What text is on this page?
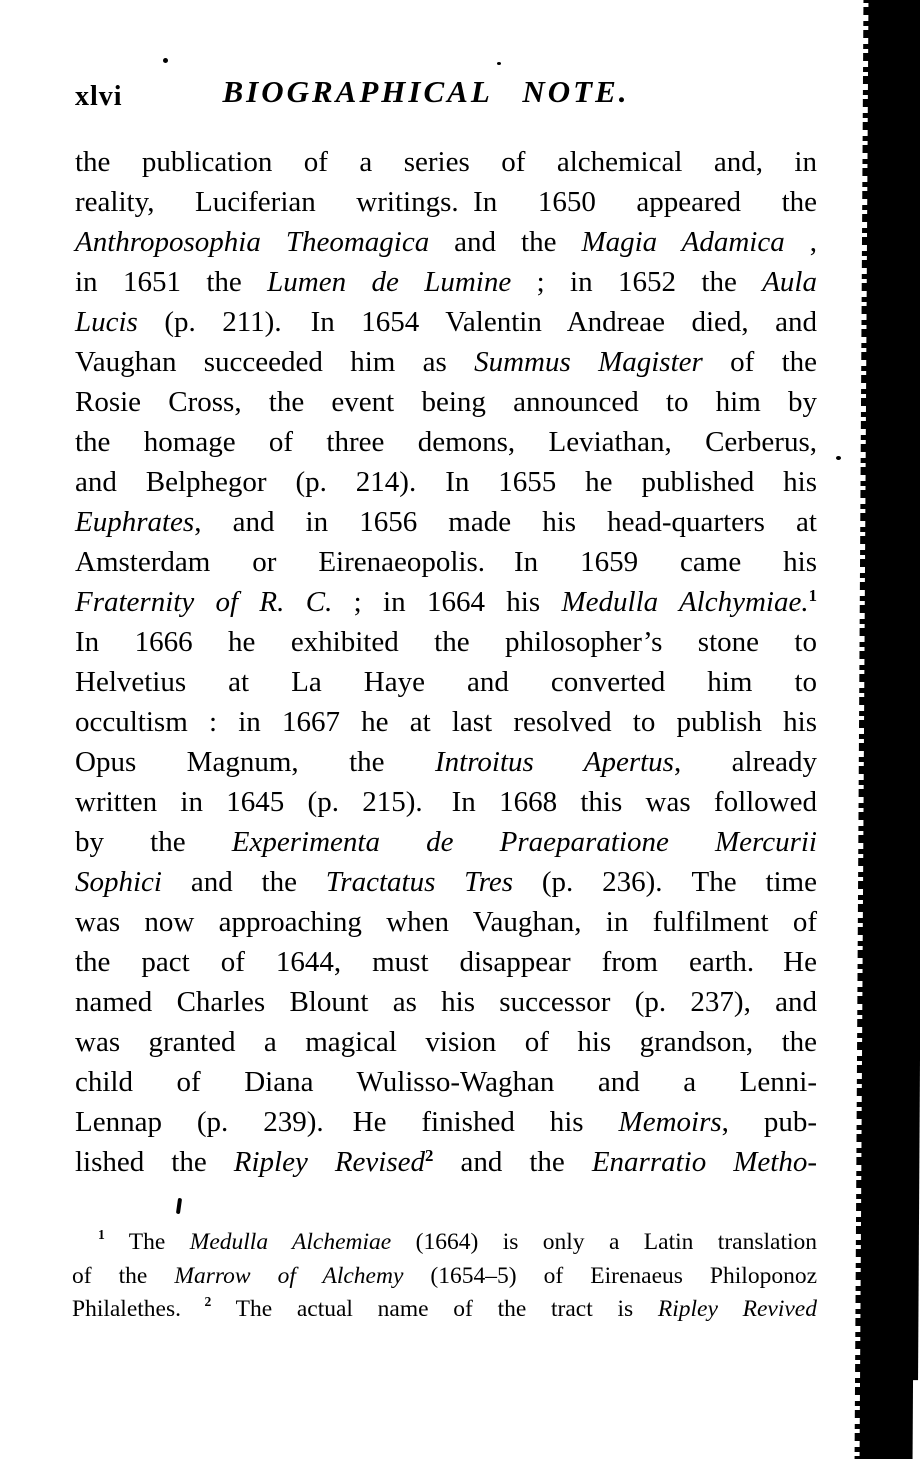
xlvi	BIOGRAPHICAL NOTE.
the publication of a series of alchemical and, in
reality, Luciferian writings. In 1650 appeared the
Anthroposophia Theomagica and the Magia Adamica ,
in 1651 the Lumen de Lumine ; in 1652 the Aula
Lucis (p. 211).  In 1654 Valentin Andreae died, and
Vaughan succeeded him as Summus Magister of the
Rosie Cross, the event being announced to him by
the homage of three demons, Leviathan, Cerberus,
and Belphegor (p. 214).  In 1655 he published his
Euphrates, and in 1656 made his head-quarters at
Amsterdam or Eirenaeopolis.  In 1659 came his
Fraternity of R. C. ; in 1664 his Medulla Alchymiae.$^1$
In 1666 he exhibited the philosopher’s stone to
Helvetius at La Haye and converted him to
occultism : in 1667 he at last resolved to publish his
Opus Magnum, the Introitus Apertus, already
written in 1645 (p. 215).  In 1668 this was followed
by the Experimenta de Praeparatione Mercurii
Sophici and the Tractatus Tres (p. 236).  The time
was now approaching when Vaughan, in fulfilment of
the pact of 1644, must disappear from earth.  He
named Charles Blount as his successor (p. 237), and
was granted a magical vision of his grandson, the
child of Diana Wulisso-Waghan and a Lenni-
Lennap (p. 239).  He finished his Memoirs, pub-
lished the Ripley Revised$^2$ and the Enarratio Metho-
$^1$ The Medulla Alchemiae (1664) is only a Latin translation
of the Marrow of Alchemy (1654–5) of Eirenaeus Philoponoz
Philalethes.  $^2$ The actual name of the tract is Ripley Revived
